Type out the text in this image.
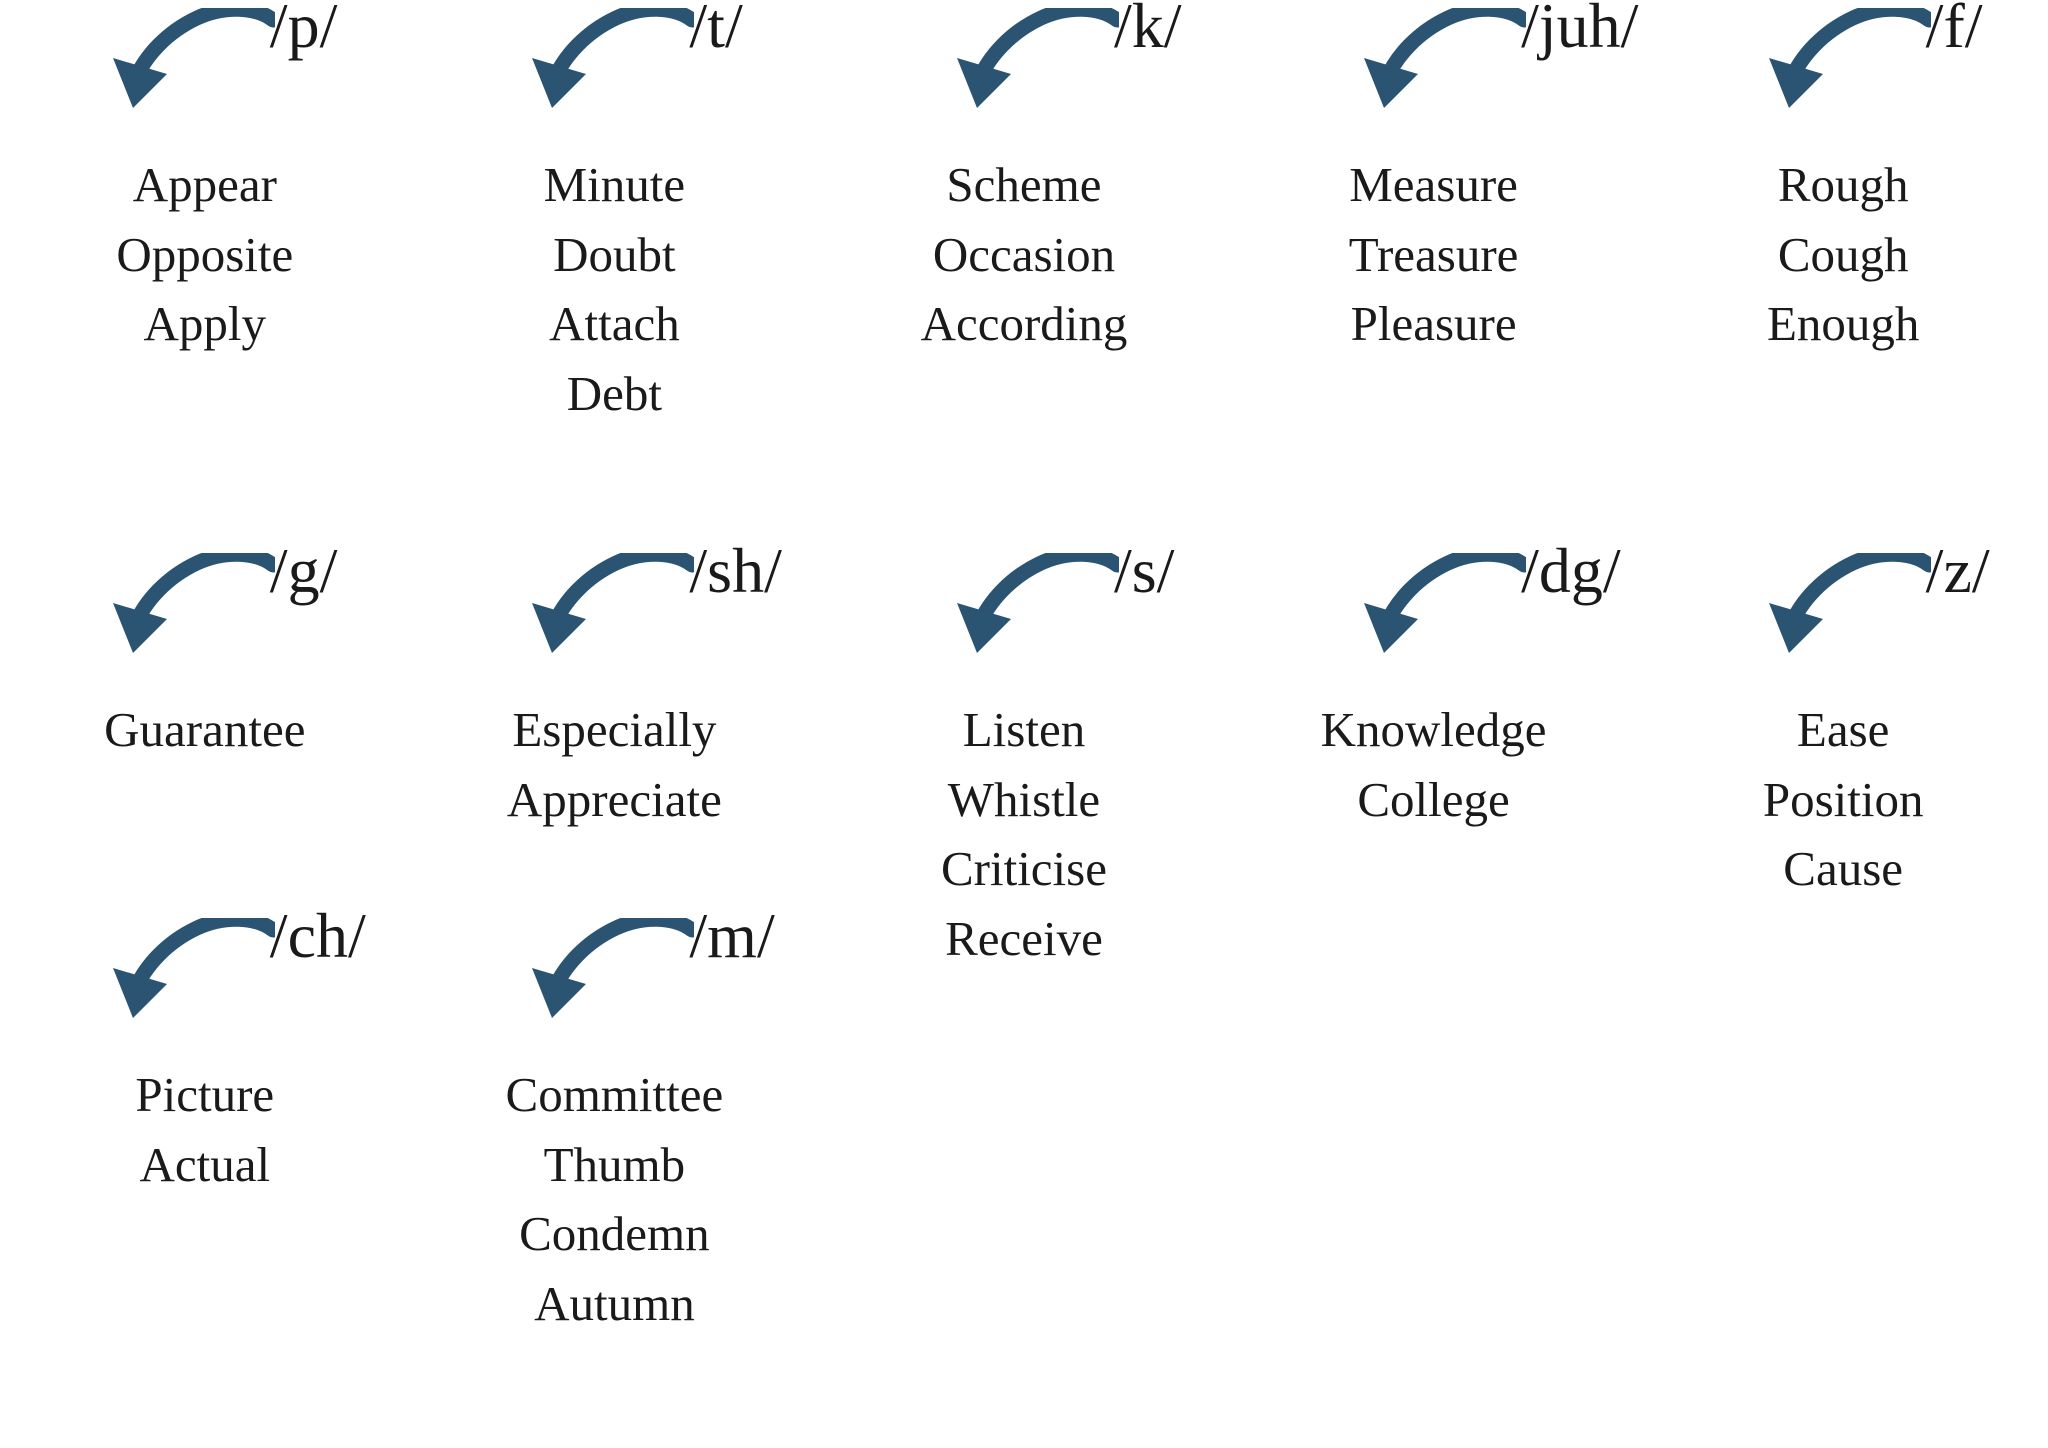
/p/
Appear
Opposite
Apply
/t/
Minute
Doubt
Attach
Debt
/k/
Scheme
Occasion
According
/juh/
Measure
Treasure
Pleasure
/f/
Rough
Cough
Enough
/g/
Guarantee
/sh/
Especially
Appreciate
/s/
Listen
Whistle
Criticise
Receive
/dg/
Knowledge
College
/z/
Ease
Position
Cause
/ch/
Picture
Actual
/m/
Committee
Thumb
Condemn
Autumn
